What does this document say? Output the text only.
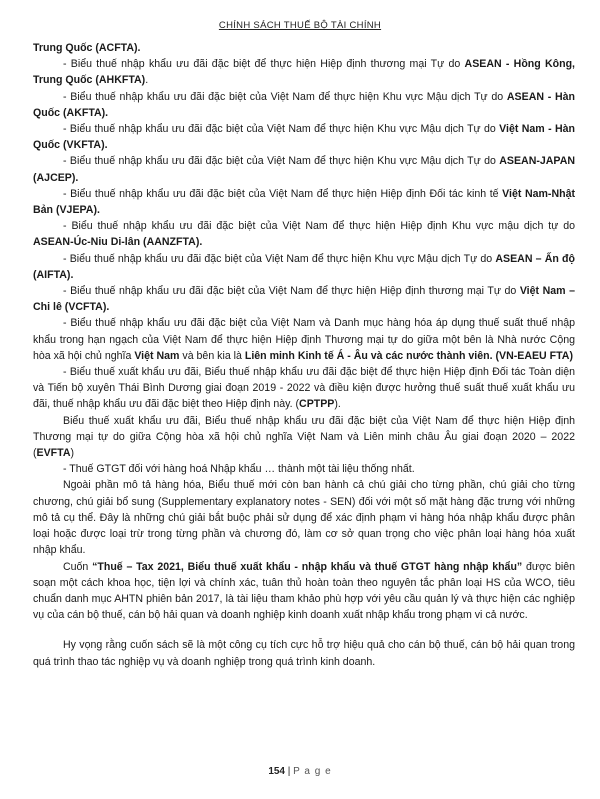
CHÍNH SÁCH THUẾ BỘ TÀI CHÍNH

Trung Quốc (ACFTA).

- Biểu thuế nhập khẩu ưu đãi đặc biệt để thực hiện Hiệp định thương mại Tự do ASEAN - Hồng Kông, Trung Quốc (AHKFTA).

- Biểu thuế nhập khẩu ưu đãi đặc biệt của Việt Nam để thực hiện Khu vực Mậu dịch Tự do ASEAN - Hàn Quốc (AKFTA).

- Biểu thuế nhập khẩu ưu đãi đặc biệt của Việt Nam để thực hiện Khu vực Mậu dịch Tự do Việt Nam - Hàn Quốc (VKFTA).

- Biểu thuế nhập khẩu ưu đãi đặc biệt của Việt Nam để thực hiện Khu vực Mậu dịch Tự do ASEAN-JAPAN (AJCEP).

- Biểu thuế nhập khẩu ưu đãi đặc biệt của Việt Nam để thực hiện Hiệp định Đối tác kinh tế Việt Nam-Nhật Bản (VJEPA).

- Biểu thuế nhập khẩu ưu đãi đặc biệt của Việt Nam để thực hiện Hiệp định Khu vực mậu dịch tự do ASEAN-Úc-Niu Di-lân (AANZFTA).

- Biểu thuế nhập khẩu ưu đãi đặc biệt của Việt Nam để thực hiện Khu vực Mậu dịch Tự do ASEAN – Ấn độ (AIFTA).

- Biểu thuế nhập khẩu ưu đãi đặc biệt của Việt Nam để thực hiện Hiệp định thương mại Tự do Việt Nam – Chi lê (VCFTA).

- Biểu thuế nhập khẩu ưu đãi đặc biệt của Việt Nam và Danh mục hàng hóa áp dụng thuế suất thuế nhập khẩu trong hạn ngạch của Việt Nam để thực hiện Hiệp định Thương mại tự do giữa một bên là Nhà nước Cộng hòa xã hội chủ nghĩa Việt Nam và bên kia là Liên minh Kinh tế Á - Âu và các nước thành viên. (VN-EAEU FTA)

- Biểu thuế xuất khẩu ưu đãi, Biểu thuế nhập khẩu ưu đãi đặc biệt để thực hiện Hiệp định Đối tác Toàn diện và Tiến bộ xuyên Thái Bình Dương giai đoạn 2019 - 2022 và điều kiện được hưởng thuế suất thuế xuất khẩu ưu đãi, thuế nhập khẩu ưu đãi đặc biệt theo Hiệp định này. (CPTPP).

Biểu thuế xuất khẩu ưu đãi, Biểu thuế nhập khẩu ưu đãi đặc biệt của Việt Nam để thực hiện Hiệp định Thương mại tự do giữa Cộng hòa xã hội chủ nghĩa Việt Nam và Liên minh châu Âu giai đoạn 2020 – 2022 (EVFTA)

- Thuế GTGT đối với hàng hoá Nhập khẩu … thành một tài liệu thống nhất.

Ngoài phần mô tả hàng hóa, Biểu thuế mới còn ban hành cả chú giải cho từng phần, chú giải cho từng chương, chú giải bổ sung (Supplementary explanatory notes - SEN) đối với một số mặt hàng đặc trưng với những mô tả cụ thể. Đây là những chú giải bắt buộc phải sử dụng để xác định phạm vi hàng hóa nhập khẩu được phân loại hoặc được loại trừ trong từng phần và chương đó, làm cơ sở quan trọng cho việc phân loại hàng hóa xuất nhập khẩu.

Cuốn “Thuế – Tax 2021, Biểu thuế xuất khẩu - nhập khẩu và thuế GTGT hàng nhập khẩu” được biên soạn một cách khoa học, tiện lợi và chính xác, tuân thủ hoàn toàn theo nguyên tắc phân loại HS của WCO, tiêu chuẩn danh mục AHTN phiên bản 2017, là tài liệu tham khảo phù hợp với yêu cầu quản lý và thực hiện các nghiệp vụ của cán bộ thuế, cán bộ hải quan và doanh nghiệp kinh doanh xuất nhập khẩu trong phạm vi cả nước.

Hy vọng rằng cuốn sách sẽ là một công cụ tích cực hỗ trợ hiệu quả cho cán bộ thuế, cán bộ hải quan trong quá trình thao tác nghiệp vụ và doanh nghiệp trong quá trình kinh doanh.

154 | P a g e
